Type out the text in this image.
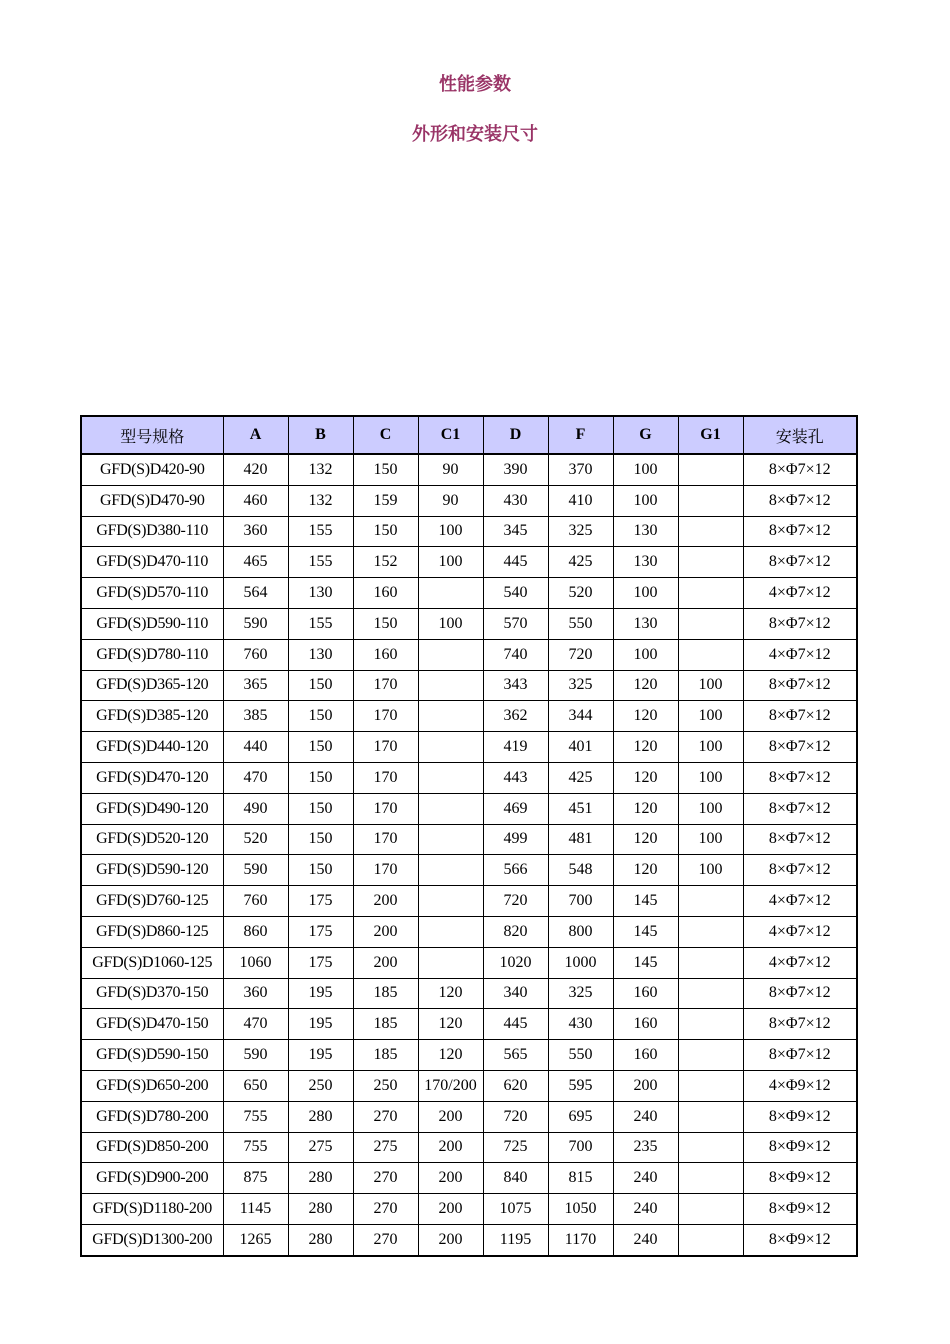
性能参数
外形和安装尺寸
型号规格	A	B	C	C1	D	F	G	G1	安装孔
GFD(S)D420-90	420	132	150	90	390	370	100		8×Φ7×12
GFD(S)D470-90	460	132	159	90	430	410	100		8×Φ7×12
GFD(S)D380-110	360	155	150	100	345	325	130		8×Φ7×12
GFD(S)D470-110	465	155	152	100	445	425	130		8×Φ7×12
GFD(S)D570-110	564	130	160		540	520	100		4×Φ7×12
GFD(S)D590-110	590	155	150	100	570	550	130		8×Φ7×12
GFD(S)D780-110	760	130	160		740	720	100		4×Φ7×12
GFD(S)D365-120	365	150	170		343	325	120	100	8×Φ7×12
GFD(S)D385-120	385	150	170		362	344	120	100	8×Φ7×12
GFD(S)D440-120	440	150	170		419	401	120	100	8×Φ7×12
GFD(S)D470-120	470	150	170		443	425	120	100	8×Φ7×12
GFD(S)D490-120	490	150	170		469	451	120	100	8×Φ7×12
GFD(S)D520-120	520	150	170		499	481	120	100	8×Φ7×12
GFD(S)D590-120	590	150	170		566	548	120	100	8×Φ7×12
GFD(S)D760-125	760	175	200		720	700	145		4×Φ7×12
GFD(S)D860-125	860	175	200		820	800	145		4×Φ7×12
GFD(S)D1060-125	1060	175	200		1020	1000	145		4×Φ7×12
GFD(S)D370-150	360	195	185	120	340	325	160		8×Φ7×12
GFD(S)D470-150	470	195	185	120	445	430	160		8×Φ7×12
GFD(S)D590-150	590	195	185	120	565	550	160		8×Φ7×12
GFD(S)D650-200	650	250	250	170/200	620	595	200		4×Φ9×12
GFD(S)D780-200	755	280	270	200	720	695	240		8×Φ9×12
GFD(S)D850-200	755	275	275	200	725	700	235		8×Φ9×12
GFD(S)D900-200	875	280	270	200	840	815	240		8×Φ9×12
GFD(S)D1180-200	1145	280	270	200	1075	1050	240		8×Φ9×12
GFD(S)D1300-200	1265	280	270	200	1195	1170	240		8×Φ9×12
